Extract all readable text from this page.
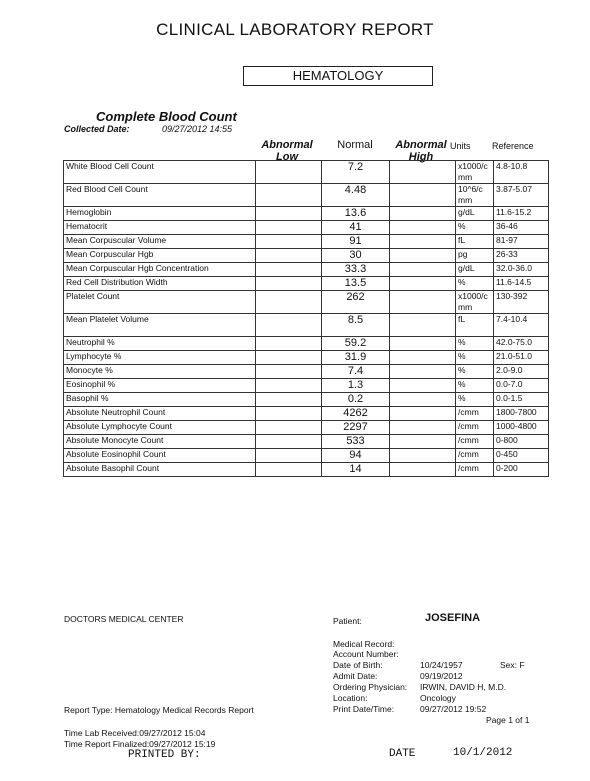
CLINICAL LABORATORY REPORT
HEMATOLOGY
Complete Blood Count
Collected Date:	09/27/2012 14:55
Abnormal Low
Normal	Abnormal High
Units	Reference
White Blood Cell Count		7.2		x1000/c mm	4.8-10.8
Red Blood Cell Count		4.48		10^6/c mm	3.87-5.07
Hemoglobin		13.6		g/dL	11.6-15.2
Hematocrit		41		%	36-46
Mean Corpuscular Volume		91		fL	81-97
Mean Corpuscular Hgb		30		pg	26-33
Mean Corpuscular Hgb Concentration		33.3		g/dL	32.0-36.0
Red Cell Distribution Width		13.5		%	11.6-14.5
Platelet Count		262		x1000/c mm	130-392
Mean Platelet Volume		8.5		fL	7.4-10.4
Neutrophil %		59.2		%	42.0-75.0
Lymphocyte %		31.9		%	21.0-51.0
Monocyte %		7.4		%	2.0-9.0
Eosinophil %		1.3		%	0.0-7.0
Basophil %		0.2		%	0.0-1.5
Absolute Neutrophil Count		4262		/cmm	1800-7800
Absolute Lymphocyte Count		2297		/cmm	1000-4800
Absolute Monocyte Count		533		/cmm	0-800
Absolute Eosinophil Count		94		/cmm	0-450
Absolute Basophil Count		14		/cmm	0-200
DOCTORS MEDICAL CENTER	Patient:	JOSEFINA
Medical Record:
Account Number:
Date of Birth:	10/24/1957	Sex: F
Admit Date:	09/19/2012
Ordering Physician: IRWIN, DAVID H, M.D.
Location:	Oncology
Print Date/Time:	09/27/2012 19:52
Page 1 of 1
Report Type: Hematology Medical Records Report
Time Lab Received:09/27/2012 15:04
Time Report Finalized:09/27/2012 15:19
PRINTED BY:	DATE	10/1/2012
